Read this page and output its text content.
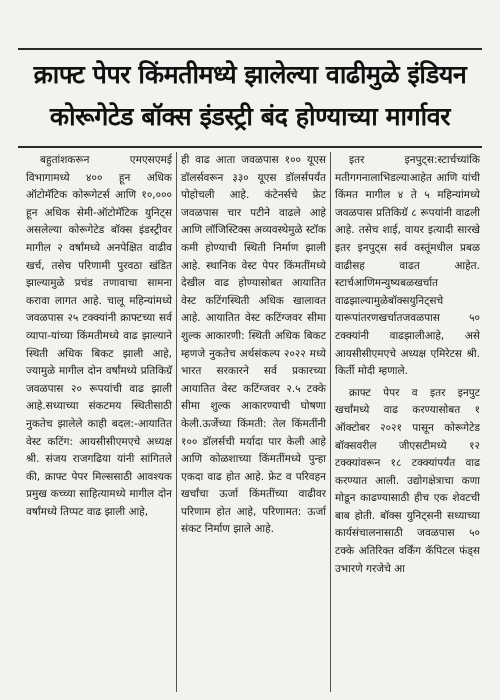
क्राफ्ट पेपर किंमतीमध्ये झालेल्या वाढीमुळे इंडियन
कोरूगेटेड बॉक्स इंडस्ट्री बंद होण्याच्या मार्गावर

बहुतांशकरून एमएसएमई विभागामध्ये ४०० हून अधिक ऑटोमॅटिक कोरूगेटर्स आणि १०,००० हून अधिक सेमी-ऑटोमॅटिक युनिट्स असलेल्या कोरूगेटेड बॉक्स इंडस्ट्रीवर मागील २ वर्षांमध्ये अनपेक्षित वाढीव खर्च, तसेच परिणामी पुरवठा खंडित झाल्यामुळे प्रचंड तणावाचा सामना करावा लागत आहे. चालू महिन्यांमध्ये जवळपास २५ टक्क्यांनी क्राफ्टच्या सर्व व्यापा-यांच्या किंमतीमध्ये वाढ झाल्याने स्थिती अधिक बिकट झाली आहे, ज्यामुळे मागील दोन वर्षांमध्ये प्रतिकिग्रॅ जवळपास २० रूपयांची वाढ झाली आहे.सध्याच्या संकटमय स्थितीसाठी नुकतेच झालेले काही बदल:-आयातित वेस्ट कटिंग: आयसीसीएमएचे अध्यक्ष श्री. संजय राजगढिया यांनी सांगितले की, क्राफ्ट पेपर मिल्ससाठी आवश्यक प्रमुख कच्च्या साहित्यामध्ये मागील दोन वर्षांमध्ये तिप्पट वाढ झाली आहे,

ही वाढ आता जवळपास १०० यूएस डॉलर्सवरून ३३० यूएस डॉलर्सपर्यंत पोहोचली आहे. कंटेनर्सचे फ्रेट जवळपास चार पटीने वाढले आहे आणि लॉजिस्टिक्स अव्यवस्थेमुळे स्टॉक कमी होण्याची स्थिती निर्माण झाली आहे. स्थानिक वेस्ट पेपर किंमतींमध्ये देखील वाढ होण्यासोबत आयातित वेस्ट कटिंगस्थिती अधिक खालावत आहे. आयातित वेस्ट कटिंग्जवर सीमा शुल्क आकारणी: स्थिती अधिक बिकट म्हणजे नुकतेच अर्थसंकल्प २०२२ मध्ये भारत सरकारने सर्व प्रकारच्या आयातित वेस्ट कटिंग्जवर २.५ टक्के सीमा शुल्क आकारण्याची घोषणा केली.ऊर्जेच्या किंमती: तेल किंमतींनी १०० डॉलर्सची मर्यादा पार केली आहे आणि कोळशाच्या किंमतींमध्ये पुन्हा एकदा वाढ होत आहे. फ्रेट व परिवहन खर्चांचा ऊर्जा किंमतींच्या वाढीवर परिणाम होत आहे, परिणामत: ऊर्जा संकट निर्माण झाले आहे.

इतर इनपुट्स:स्टार्चच्यांकि मतीगगनालाभिडल्याआहेत आणि यांची किंमत मागील ४ ते ५ महिन्यांमध्ये जवळपास प्रतिकिग्रॅ ८ रूपयांनी वाढली आहे. तसेच शाई, वायर इत्यादी सारखे इतर इनपुट्स सर्व वस्तूंमधील प्रबळ वाढीसह वाढत आहेत. स्टार्चआणिमन्युष्यबळखर्चात वाढझाल्यामुळेबॉक्सयुनिट्सचे यारूपांतरणखर्चातजवळपास ५० टक्क्यांनी वाढझालीआहे, असे आयसीसीएमएचे अध्यक्ष एमिरेटस श्री. किर्ती मोदी म्हणाले.

क्राफ्ट पेपर व इतर इनपुट खर्चांमध्ये वाढ करण्यासोबत १ ऑक्टोबर २०२१ पासून कोरूगेटेड बॉक्सवरील जीएसटीमध्ये १२ टक्क्यांवरून १८ टक्क्यांपर्यंत वाढ करण्यात आली. उद्योगक्षेत्राचा कणा मोडून काढण्यासाठी हीच एक शेवटची बाब होती. बॉक्स युनिट्सनी सध्याच्या कार्यसंचालनासाठी जवळपास ५० टक्के अतिरिक्त वर्किंग कॅपिटल फंड्स उभारणे गरजेचे आ
